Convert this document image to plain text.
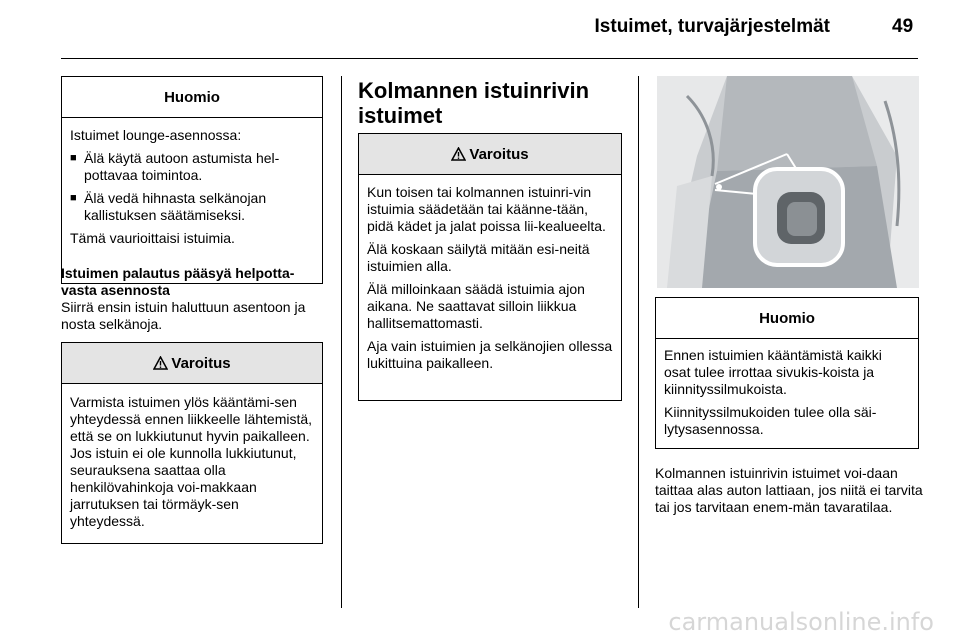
Istuimet, turvajärjestelmät	49
Huomio

Istuimet lounge-asennossa:

■ Älä käytä autoon astumista hel-pottavaa toimintoa.
■ Älä vedä hihnasta selkänojan kallistuksen säätämiseksi.

Tämä vaurioittaisi istuimia.

Istuimen palautus pääsyä helpotta-vasta asennosta
Siirrä ensin istuin haluttuun asentoon ja nosta selkänoja.
Varoitus

Varmista istuimen ylös kääntämi-sen yhteydessä ennen liikkeelle lähtemistä, että se on lukkiutunut hyvin paikalleen. Jos istuin ei ole kunnolla lukkiutunut, seurauksena saattaa olla henkilövahinkoja voi-makkaan jarrutuksen tai törmäyk-sen yhteydessä.

Kolmannen istuinrivin
istuimet
Varoitus

Kun toisen tai kolmannen istuinri-vin istuimia säädetään tai käänne-tään, pidä kädet ja jalat poissa lii-kealueelta.

Älä koskaan säilytä mitään esi-neitä istuimien alla.

Älä milloinkaan säädä istuimia ajon aikana. Ne saattavat silloin liikkua hallitsemattomasti.

Aja vain istuimien ja selkänojien ollessa lukittuina paikalleen.

Huomio

Ennen istuimien kääntämistä kaikki osat tulee irrottaa sivukis-koista ja kiinnityssilmukoista.

Kiinnityssilmukoiden tulee olla säi-lytysasennossa.

Kolmannen istuinrivin istuimet voi-daan taittaa alas auton lattiaan, jos niitä ei tarvita tai jos tarvitaan enem-män tavaratilaa.
carmanualsonline.info
